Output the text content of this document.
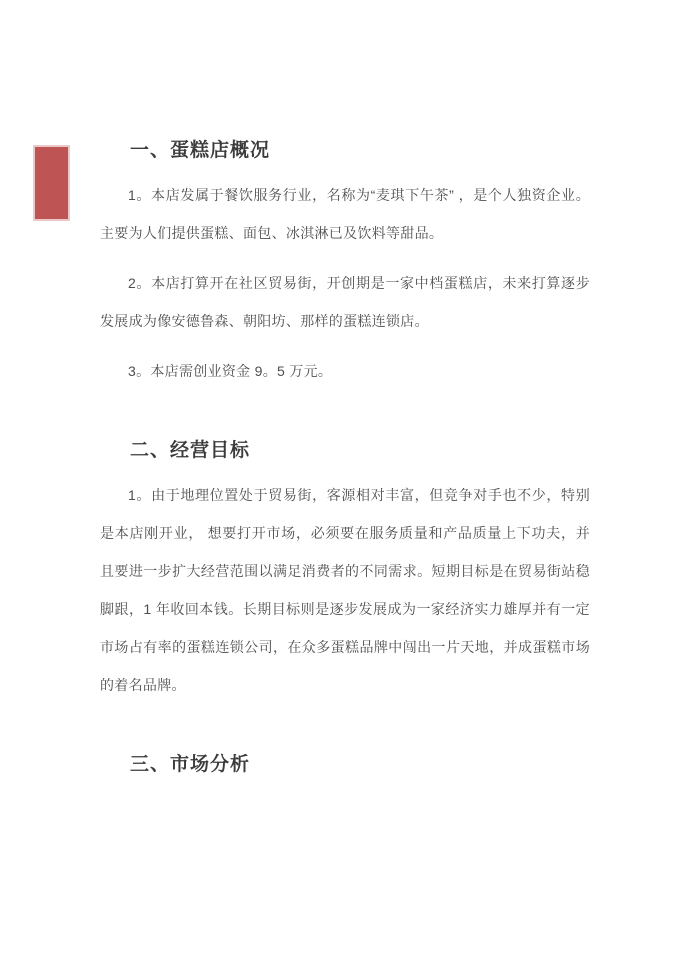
一、蛋糕店概况

1。本店发属于餐饮服务行业，名称为“麦琪下午茶” ，是个人独资企业。主要为人们提供蛋糕、面包、冰淇淋已及饮料等甜品。

2。本店打算开在社区贸易街，开创期是一家中档蛋糕店，未来打算逐步发展成为像安德鲁森、朝阳坊、那样的蛋糕连锁店。

3。本店需创业资金 9。5 万元。

二、经营目标

1。由于地理位置处于贸易街，客源相对丰富，但竞争对手也不少，特别是本店刚开业， 想要打开市场，必须要在服务质量和产品质量上下功夫，并且要进一步扩大经营范围以满足消费者的不同需求。短期目标是在贸易街站稳脚跟，1 年收回本钱。长期目标则是逐步发展成为一家经济实力雄厚并有一定市场占有率的蛋糕连锁公司，在众多蛋糕品牌中闯出一片天地，并成蛋糕市场的着名品牌。

三、市场分析
